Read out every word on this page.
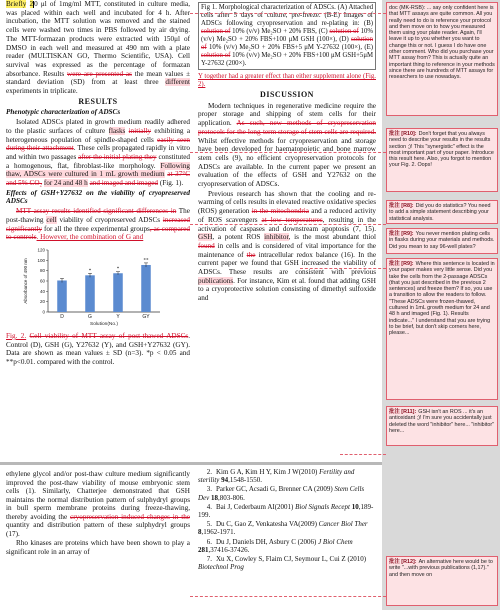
Briefly 20 μl of 1mg/ml MTT, constituted in culture media, was placed within each well and incubated for 4 h. After incubation, the MTT solution was removed and the stained cells were washed two times in PBS followed by air drying. The MTT-formazan products were extracted with 150μl of DMSO in each well and measured at 490 nm with a plate reader (MULTISKAN GO, Thermo Scientific, USA). Cell survival was expressed as the percentage of formazan absorbance. Results were are presented as the mean values ± standard deviation (SD) from at least three different experiments in triplicate.

RESULTS

Phenotypic characterization of ADSCs

Isolated ADSCs plated in growth medium readily adhered to the plastic surfaces of culture flasks initially exhibiting a heterogeneous population of spindle-shaped cells easily seen during their attachment. These cells propagated rapidly in vitro and within two passages after the initial plating they constituted a homogenous, flat, fibroblast-like morphology. Following thaw, ADSCs were cultured in 1 mL growth medium at 37°C and 5% CO₂ for 24 and 48 h and imaged and imaged (Fig. 1).

Effects of GSH+Y27632 on the viability of cryopreserved ADSCs

MTT assay results identified significant differences in The post-thawing cell viability of cryopreserved ADSCs increased significantly for all the three experimental groups, as compared to controls. However, the combination of G and

0
20
40
60
80
100
120
Absorbance of 490 nm
D
*
G
*
Y
**
GY
Solution(No.)

Fig. 2. Cell viability of MTT assay of post-thawed ADSCs. Control (D), GSH (G), Y27632 (Y), and GSH+Y27632 (GY). Data are shown as mean values ± SD (n=3). *p < 0.05 and **p<0.01. compared with the control.

Fig 1. Morphological characterization of ADSCs. (A) Attached cells after 5 days of culture, pre-freeze. (B-E) Images of ADSCs following cryopreservation and re-plating in: (B) solution of 10% (v/v) Me₂SO + 20% FBS, (C) solution of 10% (v/v) Me₂SO + 20% FBS+100 μM GSH (100×), (D) solution of 10% (v/v) Me₂SO + 20% FBS+5 μM Y-27632 (100×), (E) solution of 10% (v/v) Me₂SO + 20% FBS+100 μM GSH+5μM Y-27632 (200×).

Y together had a greater effect than either supplement alone (Fig. 2).

DISCUSSION

Modern techniques in regenerative medicine require the proper storage and shipping of stem cells for their application. As such, new methods of cryopreservation protocols for the long-term storage of stem cells are required. Whilst effective methods for cryopreservation and storage have been developed for haematopoietic and bone marrow stem cells (9), no efficient cryopreservation protocols for ADSCs are available. In the current paper we present an evaluation of the effects of GSH and Y27632 on the cryopreservation of ADSCs.

Previous research has shown that the cooling and re-warming of cells results in elevated reactive oxidative species (ROS) generation in the mitochondria and a reduced activity of ROS scavengers at low temperatures, resulting in the activation of caspases and downstream apoptosis (7, 15). GSH, a potent ROS inhibitor, is the most abundant thiol found in cells and is considered of vital importance for the maintenance of the intracellular redox balance (16). In the current paper we found that GSH increased the viability of ADSCs. These results are consistent with previous publications. For instance, Kim et al. found that adding GSH to a cryoprotective solution consisting of dimethyl sulfoxide and

ethylene glycol and/or post-thaw culture medium significantly improved the post-thaw viability of mouse embryonic stem cells (1). Similarly, Chatterjee demonstrated that GSH maintains the normal distribution pattern of sulphydryl groups in bull sperm membrane proteins during freeze-thawing, thereby avoiding the cryopreservation induced changes in the quantity and distribution pattern of these sulphydryl groups (17).

Rho kinases are proteins which have been shown to play a significant role in an array of

2. Kim G A, Kim H Y, Kim J W(2010) Fertility and sterility 94,1548-1550.
3. Parker GC, Acsadi G, Brenner CA (2009) Stem Cells Dev 18,803-806.
4. Bai J, Cederbaum AI(2001) Biol Signals Recept 10,189-199.
5. Du C, Gao Z, Venkatesha VA(2009) Cancer Biol Ther 8,1962-1971.
6. Du J, Daniels DH, Asbury C (2006) J Biol Chem 281,37416-37426.
7. Xu X, Cowley S, Flaim CJ, Seymour L, Cui Z (2010) Biotechnol Prog
doc (MK-RSB): ... say only confident here is that MTT assays are quite common. All you really need to do is reference your protocol and then move on to how you measured them using your plate reader. Again, I'll leave it up to you whether you want to change this or not. I guess I do have one other comment. Who did you purchase your MTT assay from? This is actually quite an important thing to reference in your methods since there are hundreds of MTT assays for researchers to use nowadays.
批注 [R10]: Don't forget that you always need to describe your results in the results section ;)! This "synergistic" effect is the most important part of your paper. Introduce this result here. Also, you forgot to mention your Fig. 2. Oops!
批注 [R8]: Did you do statistics? You need to add a simple statement describing your statistical analysis.
批注 [R9]: You never mention plating cells in flasks during your materials and methods. Did you mean to say 96-well plates?
批注 [R9]: Where this sentence is located in your paper makes very little sense. Did you take the cells from the 2-passage ADSCs (that you just described in the previous 2 sentences) and freeze them? If so, you use a transition to allow the readers to follow. "These ADSCs were frozen-thawed, cultured in 1mL growth medium for 24 and 48 h and imaged (Fig. 1). Results indicate..." I understand that you are trying to be brief, but don't skip corners here, please...
批注 [R11]: GSH isn't an ROS ... it's an antioxidant ;)! I'm sure you accidentally just deleted the word "inhibitor" here... "inhibitor" here...
批注 [R12]: An alternative here would be to write "...with previous publications (1,17)." and then move on
